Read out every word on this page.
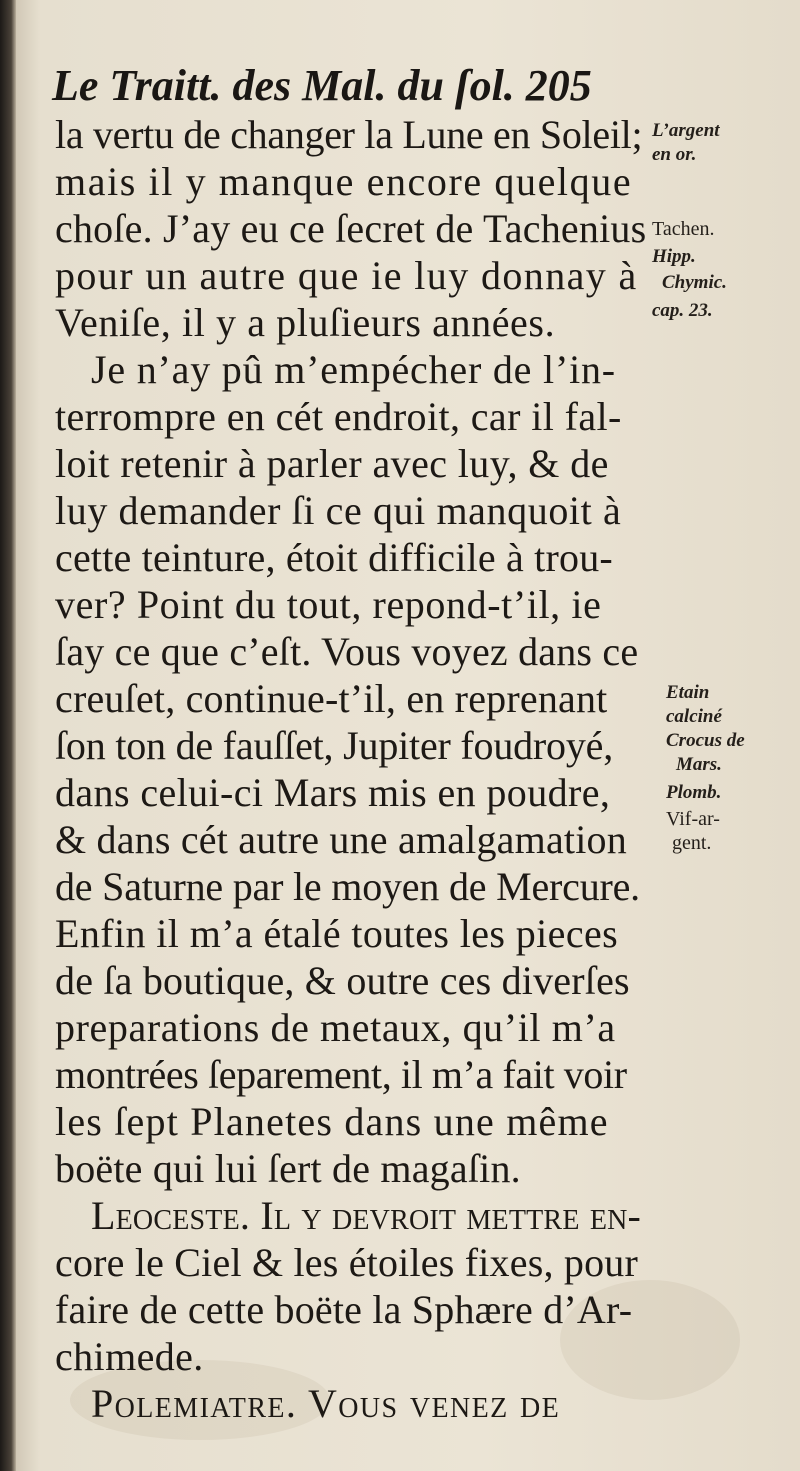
Le Traitt. des Mal. du ſol. 205
la vertu de changer la Lune en Soleil;
mais il y manque encore quelque
choſe. J’ay eu ce ſecret de Tachenius
pour un autre que ie luy donnay à
Veniſe, il y a pluſieurs années.
Je n’ay pû m’empécher de l’in-
terrompre en cét endroit, car il fal-
loit retenir à parler avec luy, & de
luy demander ſi ce qui manquoit à
cette teinture, étoit difficile à trou-
ver? Point du tout, repond-t’il, ie
ſay ce que c’eſt. Vous voyez dans ce
creuſet, continue-t’il, en reprenant
ſon ton de fauſſet, Jupiter foudroyé,
dans celui-ci Mars mis en poudre,
& dans cét autre une amalgamation
de Saturne par le moyen de Mercure.
Enfin il m’a étalé toutes les pieces
de ſa boutique, & outre ces diverſes
preparations de metaux, qu’il m’a
montrées ſeparement, il m’a fait voir
les ſept Planetes dans une même
boëte qui lui ſert de magaſin.
Leoceste. Il y devroit mettre en-
core le Ciel & les étoiles fixes, pour
faire de cette boëte la Sphære d’Ar-
chimede.
Polemiatre. Vous venez de
L’argent
en or.
Tachen.
Hipp.
Chymic.
cap. 23.
Etain
calciné
Crocus de
Mars.
Plomb.
Vif-ar-
gent.
